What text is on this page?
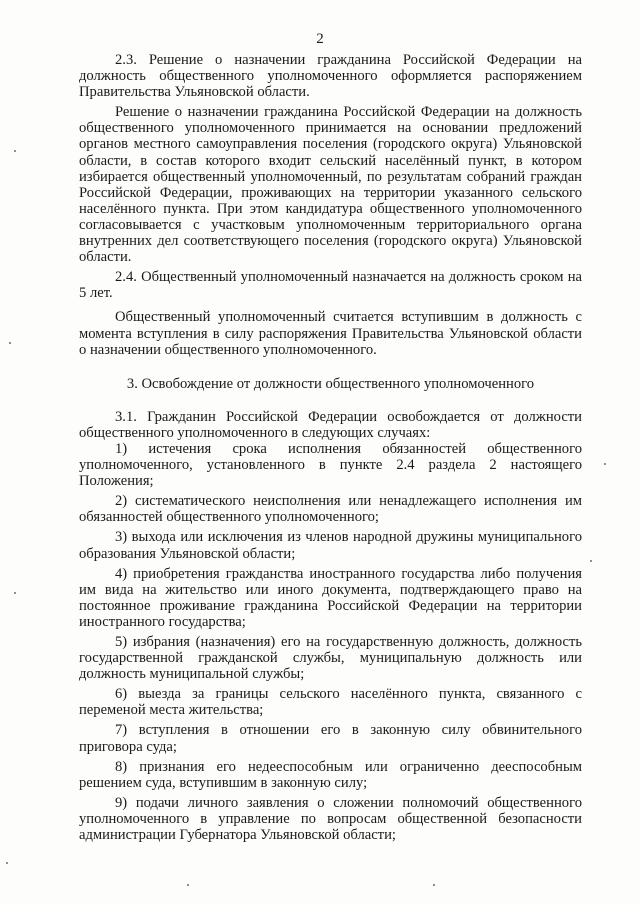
2

2.3. Решение о назначении гражданина Российской Федерации на должность общественного уполномоченного оформляется распоряжением Правительства Ульяновской области.

Решение о назначении гражданина Российской Федерации на должность общественного уполномоченного принимается на основании предложений органов местного самоуправления поселения (городского округа) Ульяновской области, в состав которого входит сельский населённый пункт, в котором избирается общественный уполномоченный, по результатам собраний граждан Российской Федерации, проживающих на территории указанного сельского населённого пункта. При этом кандидатура общественного уполномоченного согласовывается с участковым уполномоченным территориального органа внутренних дел соответствующего поселения (городского округа) Ульяновской области.

2.4. Общественный уполномоченный назначается на должность сроком на 5 лет.

Общественный уполномоченный считается вступившим в должность с момента вступления в силу распоряжения Правительства Ульяновской области о назначении общественного уполномоченного.

3. Освобождение от должности общественного уполномоченного

3.1. Гражданин Российской Федерации освобождается от должности общественного уполномоченного в следующих случаях:

1) истечения срока исполнения обязанностей общественного уполномоченного, установленного в пункте 2.4 раздела 2 настоящего Положения;

2) систематического неисполнения или ненадлежащего исполнения им обязанностей общественного уполномоченного;

3) выхода или исключения из членов народной дружины муниципального образования Ульяновской области;

4) приобретения гражданства иностранного государства либо получения им вида на жительство или иного документа, подтверждающего право на постоянное проживание гражданина Российской Федерации на территории иностранного государства;

5) избрания (назначения) его на государственную должность, должность государственной гражданской службы, муниципальную должность или должность муниципальной службы;

6) выезда за границы сельского населённого пункта, связанного с переменой места жительства;

7) вступления в отношении его в законную силу обвинительного приговора суда;

8) признания его недееспособным или ограниченно дееспособным решением суда, вступившим в законную силу;

9) подачи личного заявления о сложении полномочий общественного уполномоченного в управление по вопросам общественной безопасности администрации Губернатора Ульяновской области;
